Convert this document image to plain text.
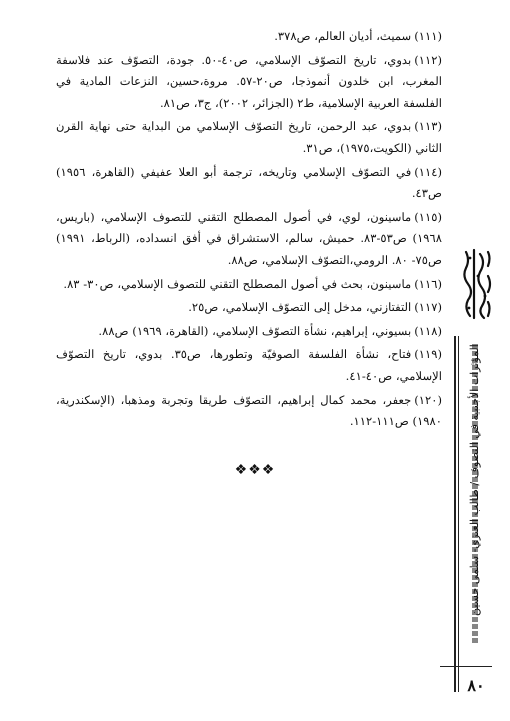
(١١١)سميث، أديان العالم، ص٣٧٨.

(١١٢)بدوي، تاريخ التصوّف الإسلامي، ص٤٠-٥٠. جودة، التصوّف عند فلاسفة المغرب، ابن خلدون أنموذجا، ص٢٠-٥٧. مروة،حسين، النزعات المادية في الفلسفة العربية الإسلامية، ط٢ (الجزائر، ٢٠٠٢)، ج٣، ص٨١.

(١١٣)بدوي، عبد الرحمن، تاريخ التصوّف الإسلامي من البداية حتى نهاية القرن الثاني (الكويت،١٩٧٥)، ص٣١.

(١١٤)في التصوّف الإسلامي وتاريخه، ترجمة أبو العلا عفيفي (القاهرة، ١٩٥٦) ص٤٣.

(١١٥)ماسينون، لوي، في أصول المصطلح التقني للتصوف الإسلامي، (باريس، ١٩٦٨) ص٥٣-٨٣. حميش، سالم، الاستشراق في أفق انسداده، (الرباط، ١٩٩١) ص٧٥- ٨٠. الرومي،التصوّف الإسلامي، ص٨٨.

(١١٦)ماسينون، بحث في أصول المصطلح التقني للتصوف الإسلامي، ص٣٠- ٨٣.

(١١٧)التفتازني، مدخل إلى التصوّف الإسلامي، ص٢٥.

(١١٨)بسيوني، إبراهيم، نشأة التصوّف الإسلامي، (القاهرة، ١٩٦٩) ص٨٨.

(١١٩)فتاح، نشأة الفلسفة الصوفيّة وتطورها، ص٣٥. بدوي، تاريخ التصوّف الإسلامي، ص٤٠-٤١.

(١٢٠)جعفر، محمد كمال إبراهيم، التصوّف طريقا وتجربة ومذهبا، (الإسكندرية، ١٩٨٠) ص١١١-١١٢.

❖❖❖	المؤثرات الأجنبية في التصوف / طالب العنزي- سلمى حسين
٨٠
